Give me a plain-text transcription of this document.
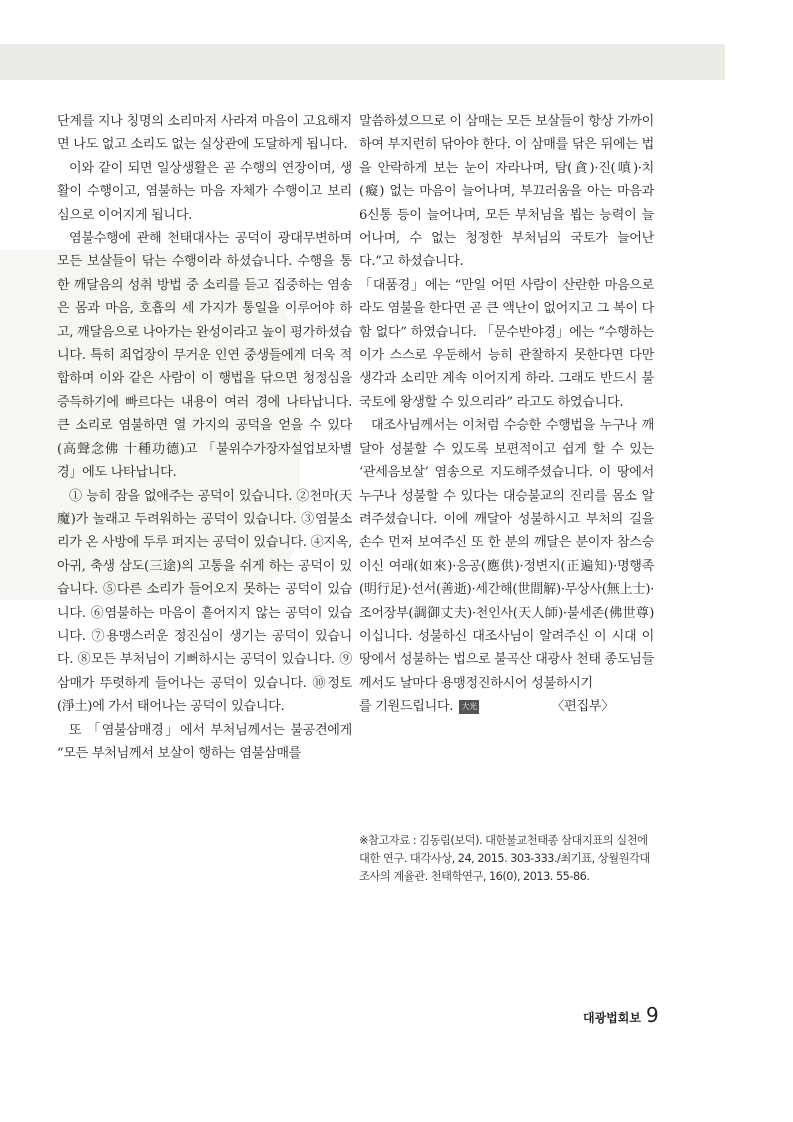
단계를 지나 칭명의 소리마저 사라져 마음이 고요해지면 나도 없고 소리도 없는 실상관에 도달하게 됩니다.

이와 같이 되면 일상생활은 곧 수행의 연장이며, 생활이 수행이고, 염불하는 마음 자체가 수행이고 보리심으로 이어지게 됩니다.

염불수행에 관해 천태대사는 공덕이 광대무변하며 모든 보살들이 닦는 수행이라 하셨습니다. 수행을 통한 깨달음의 성취 방법 중 소리를 듣고 집중하는 염송은 몸과 마음, 호흡의 세 가지가 통일을 이루어야 하고, 깨달음으로 나아가는 완성이라고 높이 평가하셨습니다. 특히 죄업장이 무거운 인연 중생들에게 더욱 적합하며 이와 같은 사람이 이 행법을 닦으면 청정심을 증득하기에 빠르다는 내용이 여러 경에 나타납니다. 큰 소리로 염불하면 열 가지의 공덕을 얻을 수 있다(高聲念佛 十種功德)고 「불위수가장자설업보차별경」에도 나타납니다.

① 능히 잠을 없애주는 공덕이 있습니다. ②천마(天魔)가 놀래고 두려워하는 공덕이 있습니다. ③염불소리가 온 사방에 두루 퍼지는 공덕이 있습니다. ④지옥, 아귀, 축생 삼도(三途)의 고통을 쉬게 하는 공덕이 있습니다. ⑤다른 소리가 들어오지 못하는 공덕이 있습니다. ⑥염불하는 마음이 흩어지지 않는 공덕이 있습니다. ⑦용맹스러운 정진심이 생기는 공덕이 있습니다. ⑧모든 부처님이 기뻐하시는 공덕이 있습니다. ⑨삼매가 뚜렷하게 들어나는 공덕이 있습니다. ⑩정토(淨土)에 가서 태어나는 공덕이 있습니다.

또 「염불삼매경」에서 부처님께서는 불공견에게 “모든 부처님께서 보살이 행하는 염불삼매를

말씀하셨으므로 이 삼매는 모든 보살들이 항상 가까이하여 부지런히 닦아야 한다. 이 삼매를 닦은 뒤에는 법을 안락하게 보는 눈이 자라나며, 탐(貪)·진(嗔)·치(癡) 없는 마음이 늘어나며, 부끄러움을 아는 마음과 6신통 등이 늘어나며, 모든 부처님을 뵙는 능력이 늘어나며, 수 없는 청정한 부처님의 국토가 늘어난다.”고 하셨습니다.

「대품경」에는 “만일 어떤 사람이 산란한 마음으로라도 염불을 한다면 곧 큰 액난이 없어지고 그 복이 다함 없다” 하였습니다. 「문수반야경」에는 “수행하는 이가 스스로 우둔해서 능히 관찰하지 못한다면 다만 생각과 소리만 계속 이어지게 하라. 그래도 반드시 불국토에 왕생할 수 있으리라” 라고도 하였습니다.

대조사님께서는 이처럼 수승한 수행법을 누구나 깨달아 성불할 수 있도록 보편적이고 쉽게 할 수 있는 ‘관세음보살’ 염송으로 지도해주셨습니다. 이 땅에서 누구나 성불할 수 있다는 대승불교의 진리를 몸소 알려주셨습니다. 이에 깨달아 성불하시고 부처의 길을 손수 먼저 보여주신 또 한 분의 깨달은 분이자 참스승이신 여래(如來)·응공(應供)·정변지(正遍知)·명행족(明行足)·선서(善逝)·세간해(世間解)·무상사(無上士)·조어장부(調御丈夫)·천인사(天人師)·불세존(佛世尊)이십니다. 성불하신 대조사님이 알려주신 이 시대 이 땅에서 성불하는 법으로 불곡산 대광사 천태 종도님들께서도 날마다 용맹정진하시어 성불하시기

를 기원드립니다. 大光	〈편집부〉
※참고자료 : 김동림(보덕). 대한불교천태종 삼대지표의 실천에 대한 연구. 대각사상, 24, 2015. 303-333./최기표, 상월원각대조사의 계율관. 천태학연구, 16(0), 2013. 55-86.
대광법회보 9
